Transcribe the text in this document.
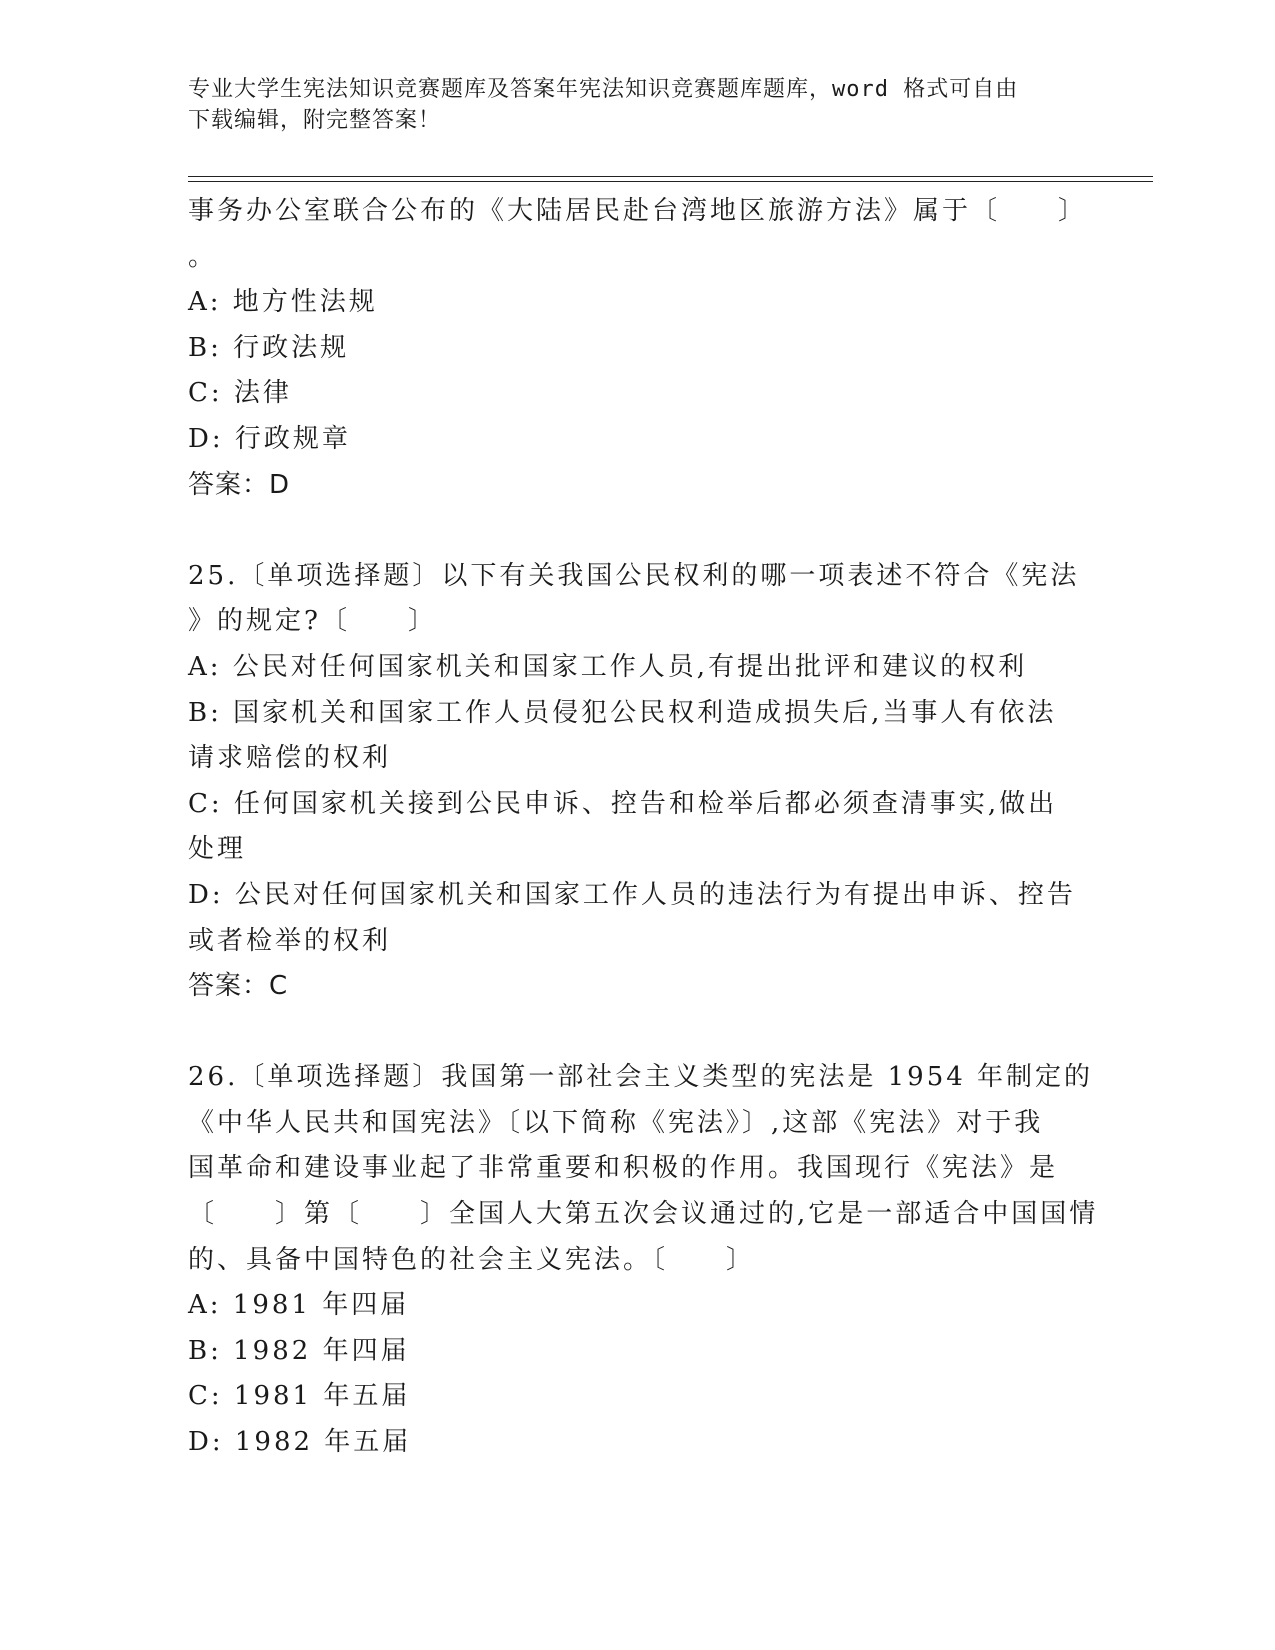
专业大学生宪法知识竞赛题库及答案年宪法知识竞赛题库题库，word 格式可自由
下载编辑，附完整答案！
事务办公室联合公布的《大陆居民赴台湾地区旅游方法》属于〔　　〕
。
A: 地方性法规
B: 行政法规
C: 法律
D: 行政规章
答案：D
25.〔单项选择题〕以下有关我国公民权利的哪一项表述不符合《宪法
》的规定?〔　　〕
A: 公民对任何国家机关和国家工作人员,有提出批评和建议的权利
B: 国家机关和国家工作人员侵犯公民权利造成损失后,当事人有依法
请求赔偿的权利
C: 任何国家机关接到公民申诉、控告和检举后都必须查清事实,做出
处理
D: 公民对任何国家机关和国家工作人员的违法行为有提出申诉、控告
或者检举的权利
答案：C
26.〔单项选择题〕我国第一部社会主义类型的宪法是 1954 年制定的
《中华人民共和国宪法》〔以下简称《宪法》〕,这部《宪法》对于我
国革命和建设事业起了非常重要和积极的作用。我国现行《宪法》是
〔　　〕第〔　　〕全国人大第五次会议通过的,它是一部适合中国国情
的、具备中国特色的社会主义宪法。〔　　〕
A: 1981 年四届
B: 1982 年四届
C: 1981 年五届
D: 1982 年五届
